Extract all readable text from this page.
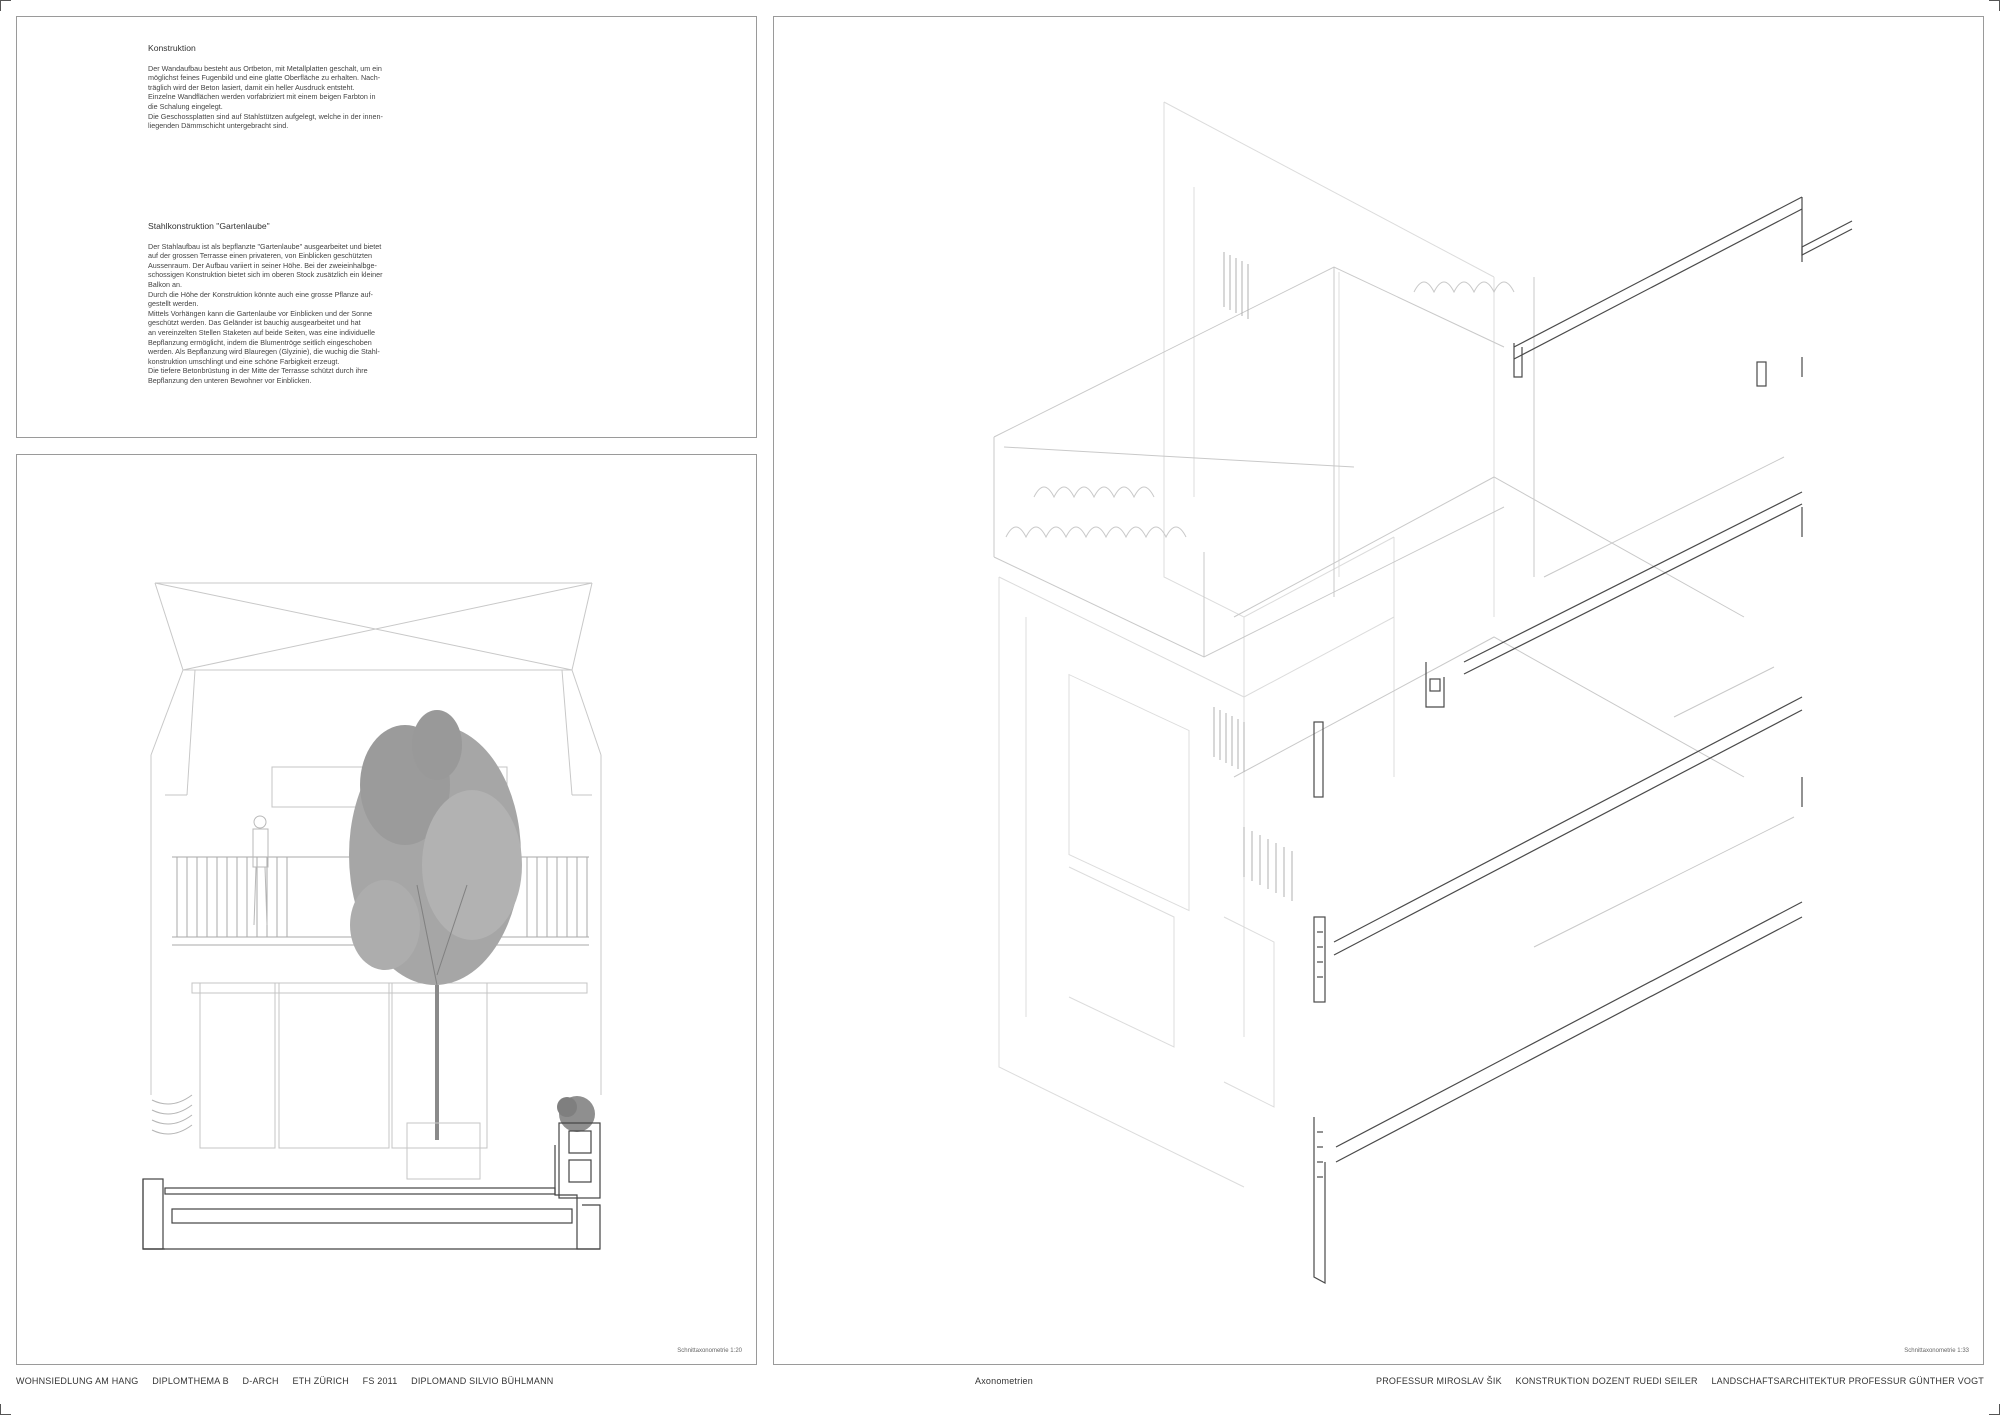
Konstruktion

Der Wandaufbau besteht aus Ortbeton, mit Metallplatten geschalt, um ein

möglichst feines Fugenbild und eine glatte Oberfläche zu erhalten. Nach-

träglich wird der Beton lasiert, damit ein heller Ausdruck entsteht.

Einzelne Wandflächen werden vorfabriziert mit einem beigen Farbton in

die Schalung eingelegt.

Die Geschossplatten sind auf Stahlstützen aufgelegt, welche in der innen-

liegenden Dämmschicht untergebracht sind.

Stahlkonstruktion "Gartenlaube"

Der Stahlaufbau ist als bepflanzte "Gartenlaube" ausgearbeitet und bietet

auf der grossen Terrasse einen privateren, von Einblicken geschützten

Aussenraum. Der Aufbau variiert in seiner Höhe. Bei der zweieinhalbge-

schossigen Konstruktion bietet sich im oberen Stock zusätzlich ein kleiner

Balkon an.

Durch die Höhe der Konstruktion könnte auch eine grosse Pflanze auf-

gestellt werden.

Mittels Vorhängen kann die Gartenlaube vor Einblicken und der Sonne

geschützt werden. Das Geländer ist bauchig ausgearbeitet und hat

an vereinzelten Stellen Staketen auf beide Seiten, was eine individuelle

Bepflanzung ermöglicht, indem die Blumentröge seitlich eingeschoben

werden. Als Bepflanzung wird Blauregen (Glyzinie), die wuchig die Stahl-

konstruktion umschlingt und eine schöne Farbigkeit erzeugt.

Die tiefere Betonbrüstung in der Mitte der Terrasse schützt durch ihre

Bepflanzung den unteren Bewohner vor Einblicken.

Schnittaxonometrie 1:20	Schnittaxonometrie 1:33
WOHNSIEDLUNG AM HANG DIPLOMTHEMA B D-ARCH ETH ZÜRICH FS 2011 DIPLOMAND SILVIO BÜHLMANN	Axonometrien	PROFESSUR MIROSLAV ŠIK KONSTRUKTION DOZENT RUEDI SEILER LANDSCHAFTSARCHITEKTUR PROFESSUR GÜNTHER VOGT
